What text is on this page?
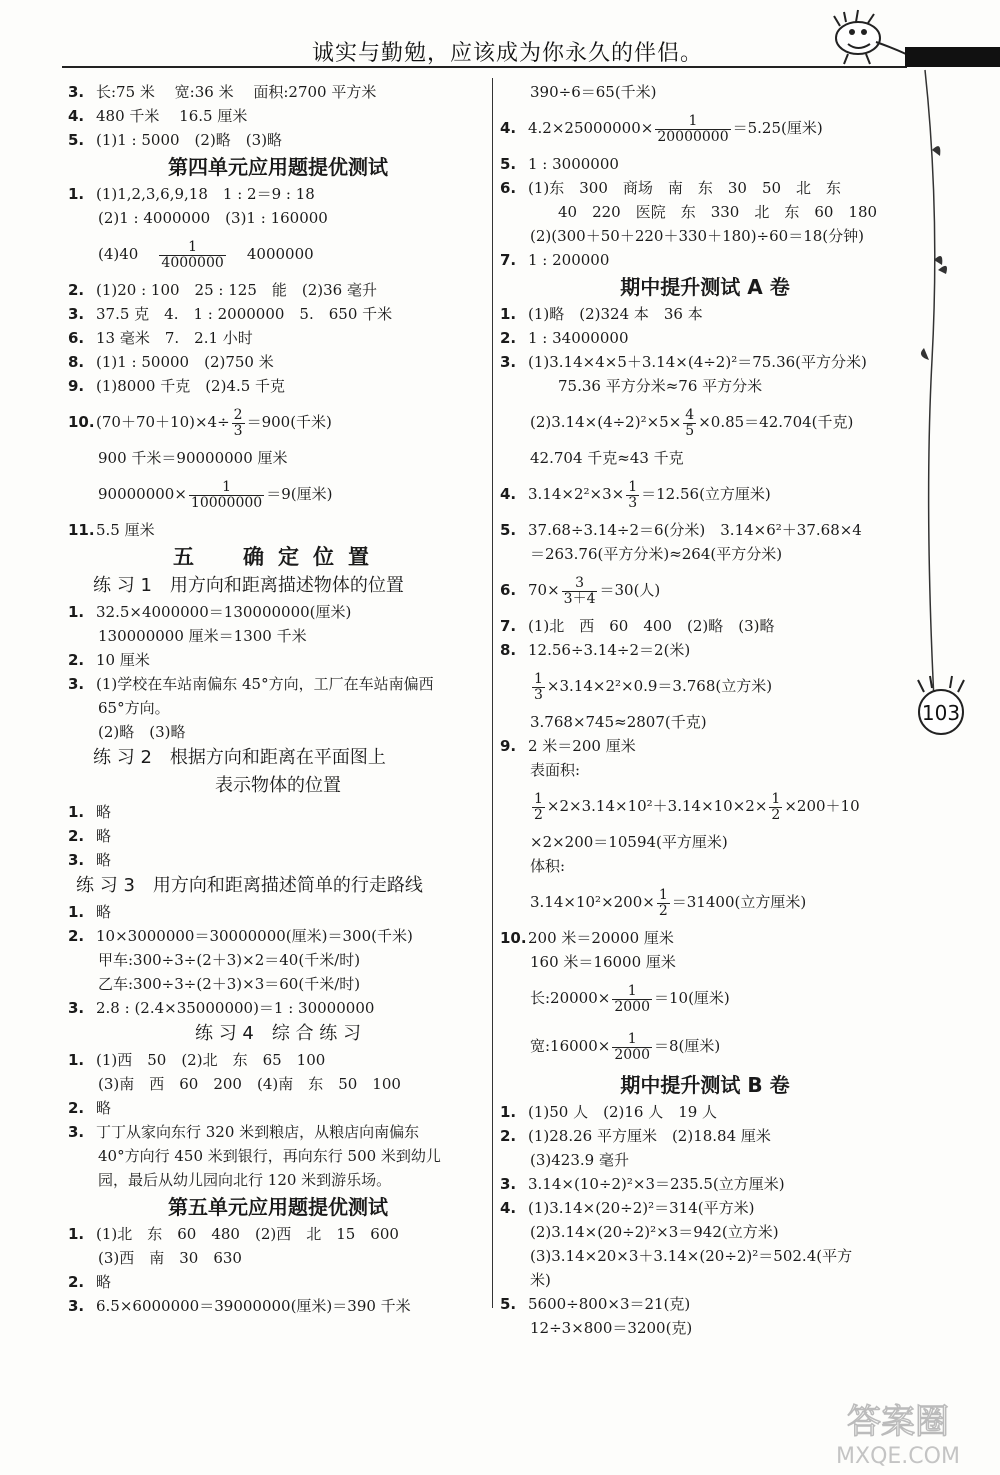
诚实与勤勉，应该成为你永久的伴侣。
103
3. 长:75 米　 宽:36 米　 面积:2700 平方米
4. 480 千米　 16.5 厘米
5. (1)1 : 5000　(2)略　(3)略
第四单元应用题提优测试
1. (1)1,2,3,6,9,18　1 : 2＝9 : 18
(2)1 : 4000000　(3)1 : 160000
$(4)40 \frac{1}{4000000} 4000000$
2. (1)20 : 100　25 : 125　能　(2)36 毫升
3. 37.5 克　4.　1 : 2000000　5.　650 千米
6. 13 毫米　7.　2.1 小时
8. (1)1 : 50000　(2)750 米
9. (1)8000 千克　(2)4.5 千克
$10.(70+70+10)\times 4\div \frac{2}{3} =900$(千米)
900 千米＝90000000 厘米
$90000000\times \frac{1}{10000000} =9$(厘米)
11.5.5 厘米
五　确定位置
练 习 1　用方向和距离描述物体的位置
1. 32.5×4000000＝130000000(厘米)
130000000 厘米＝1300 千米
2. 10 厘米
3. (1)学校在车站南偏东 45°方向，工厂在车站南偏西
65°方向。
(2)略　(3)略
练 习 2　根据方向和距离在平面图上
表示物体的位置
1. 略
2. 略
3. 略
练 习 3　用方向和距离描述简单的行走路线
1. 略
2. 10×3000000＝30000000(厘米)＝300(千米)
甲车:300÷3÷(2＋3)×2＝40(千米/时)
乙车:300÷3÷(2＋3)×3＝60(千米/时)
3. 2.8 : (2.4×35000000)＝1 : 30000000
练 习 4　综 合 练 习
1. (1)西　50　(2)北　东　65　100
(3)南　西　60　200　(4)南　东　50　100
2. 略
3. 丁丁从家向东行 320 米到粮店，从粮店向南偏东
40°方向行 450 米到银行，再向东行 500 米到幼儿
园，最后从幼儿园向北行 120 米到游乐场。
第五单元应用题提优测试
1. (1)北　东　60　480　(2)西　北　15　600
(3)西　南　30　630
2. 略
3. 6.5×6000000＝39000000(厘米)＝390 千米
390÷6＝65(千米)
4. $4.2\times 25000000\times \frac{1}{20000000} =5.25$(厘米)
5. 1 : 3000000
6. (1)东　300　商场　南　东　30　50　北　东
40　220　医院　东　330　北　东　60　180
(2)(300＋50＋220＋330＋180)÷60＝18(分钟)
7. 1 : 200000
期中提升测试 A 卷
1. (1)略　(2)324 本　36 本
2. 1 : 34000000
3. (1)3.14×4×5＋3.14×(4÷2)²＝75.36(平方分米)
75.36 平方分米≈76 平方分米
$(2)3.14\times(4\div 2)^2\times 5\times \frac{4}{5} \times 0.85=42.704$(千克)
42.704 千克≈43 千克
4. $3.14\times 2^2\times 3\times \frac{1}{3} =12.56$(立方厘米)
5. 37.68÷3.14÷2＝6(分米)　3.14×6²＋37.68×4
＝263.76(平方分米)≈264(平方分米)
6. $70\times \frac{3}{3+4} =30$(人)
7. (1)北　西　60　400　(2)略　(3)略
8. 12.56÷3.14÷2＝2(米)
$\frac{1}{3} \times 3.14\times 2^2\times 0.9=3.768$(立方米)
3.768×745≈2807(千克)
9. 2 米＝200 厘米
表面积:
$\frac{1}{2} \times 2\times 3.14\times 10^2+3.14\times 10\times 2\times \frac{1}{2} \times 200+10$
×2×200＝10594(平方厘米)
体积:
$3.14\times 10^2\times 200\times \frac{1}{2} =31400$(立方厘米)
10.200 米＝20000 厘米
160 米＝16000 厘米
长:20000× $\frac{1}{2000} =10$(厘米)
宽:16000× $\frac{1}{2000} =8$(厘米)
期中提升测试 B 卷
1. (1)50 人　(2)16 人　19 人
2. (1)28.26 平方厘米　(2)18.84 厘米
(3)423.9 毫升
3. 3.14×(10÷2)²×3＝235.5(立方厘米)
4. (1)3.14×(20÷2)²＝314(平方米)
(2)3.14×(20÷2)²×3＝942(立方米)
(3)3.14×20×3＋3.14×(20÷2)²＝502.4(平方
米)
5. 5600÷800×3＝21(克)
12÷3×800＝3200(克)
答案圈
MXQE.COM
